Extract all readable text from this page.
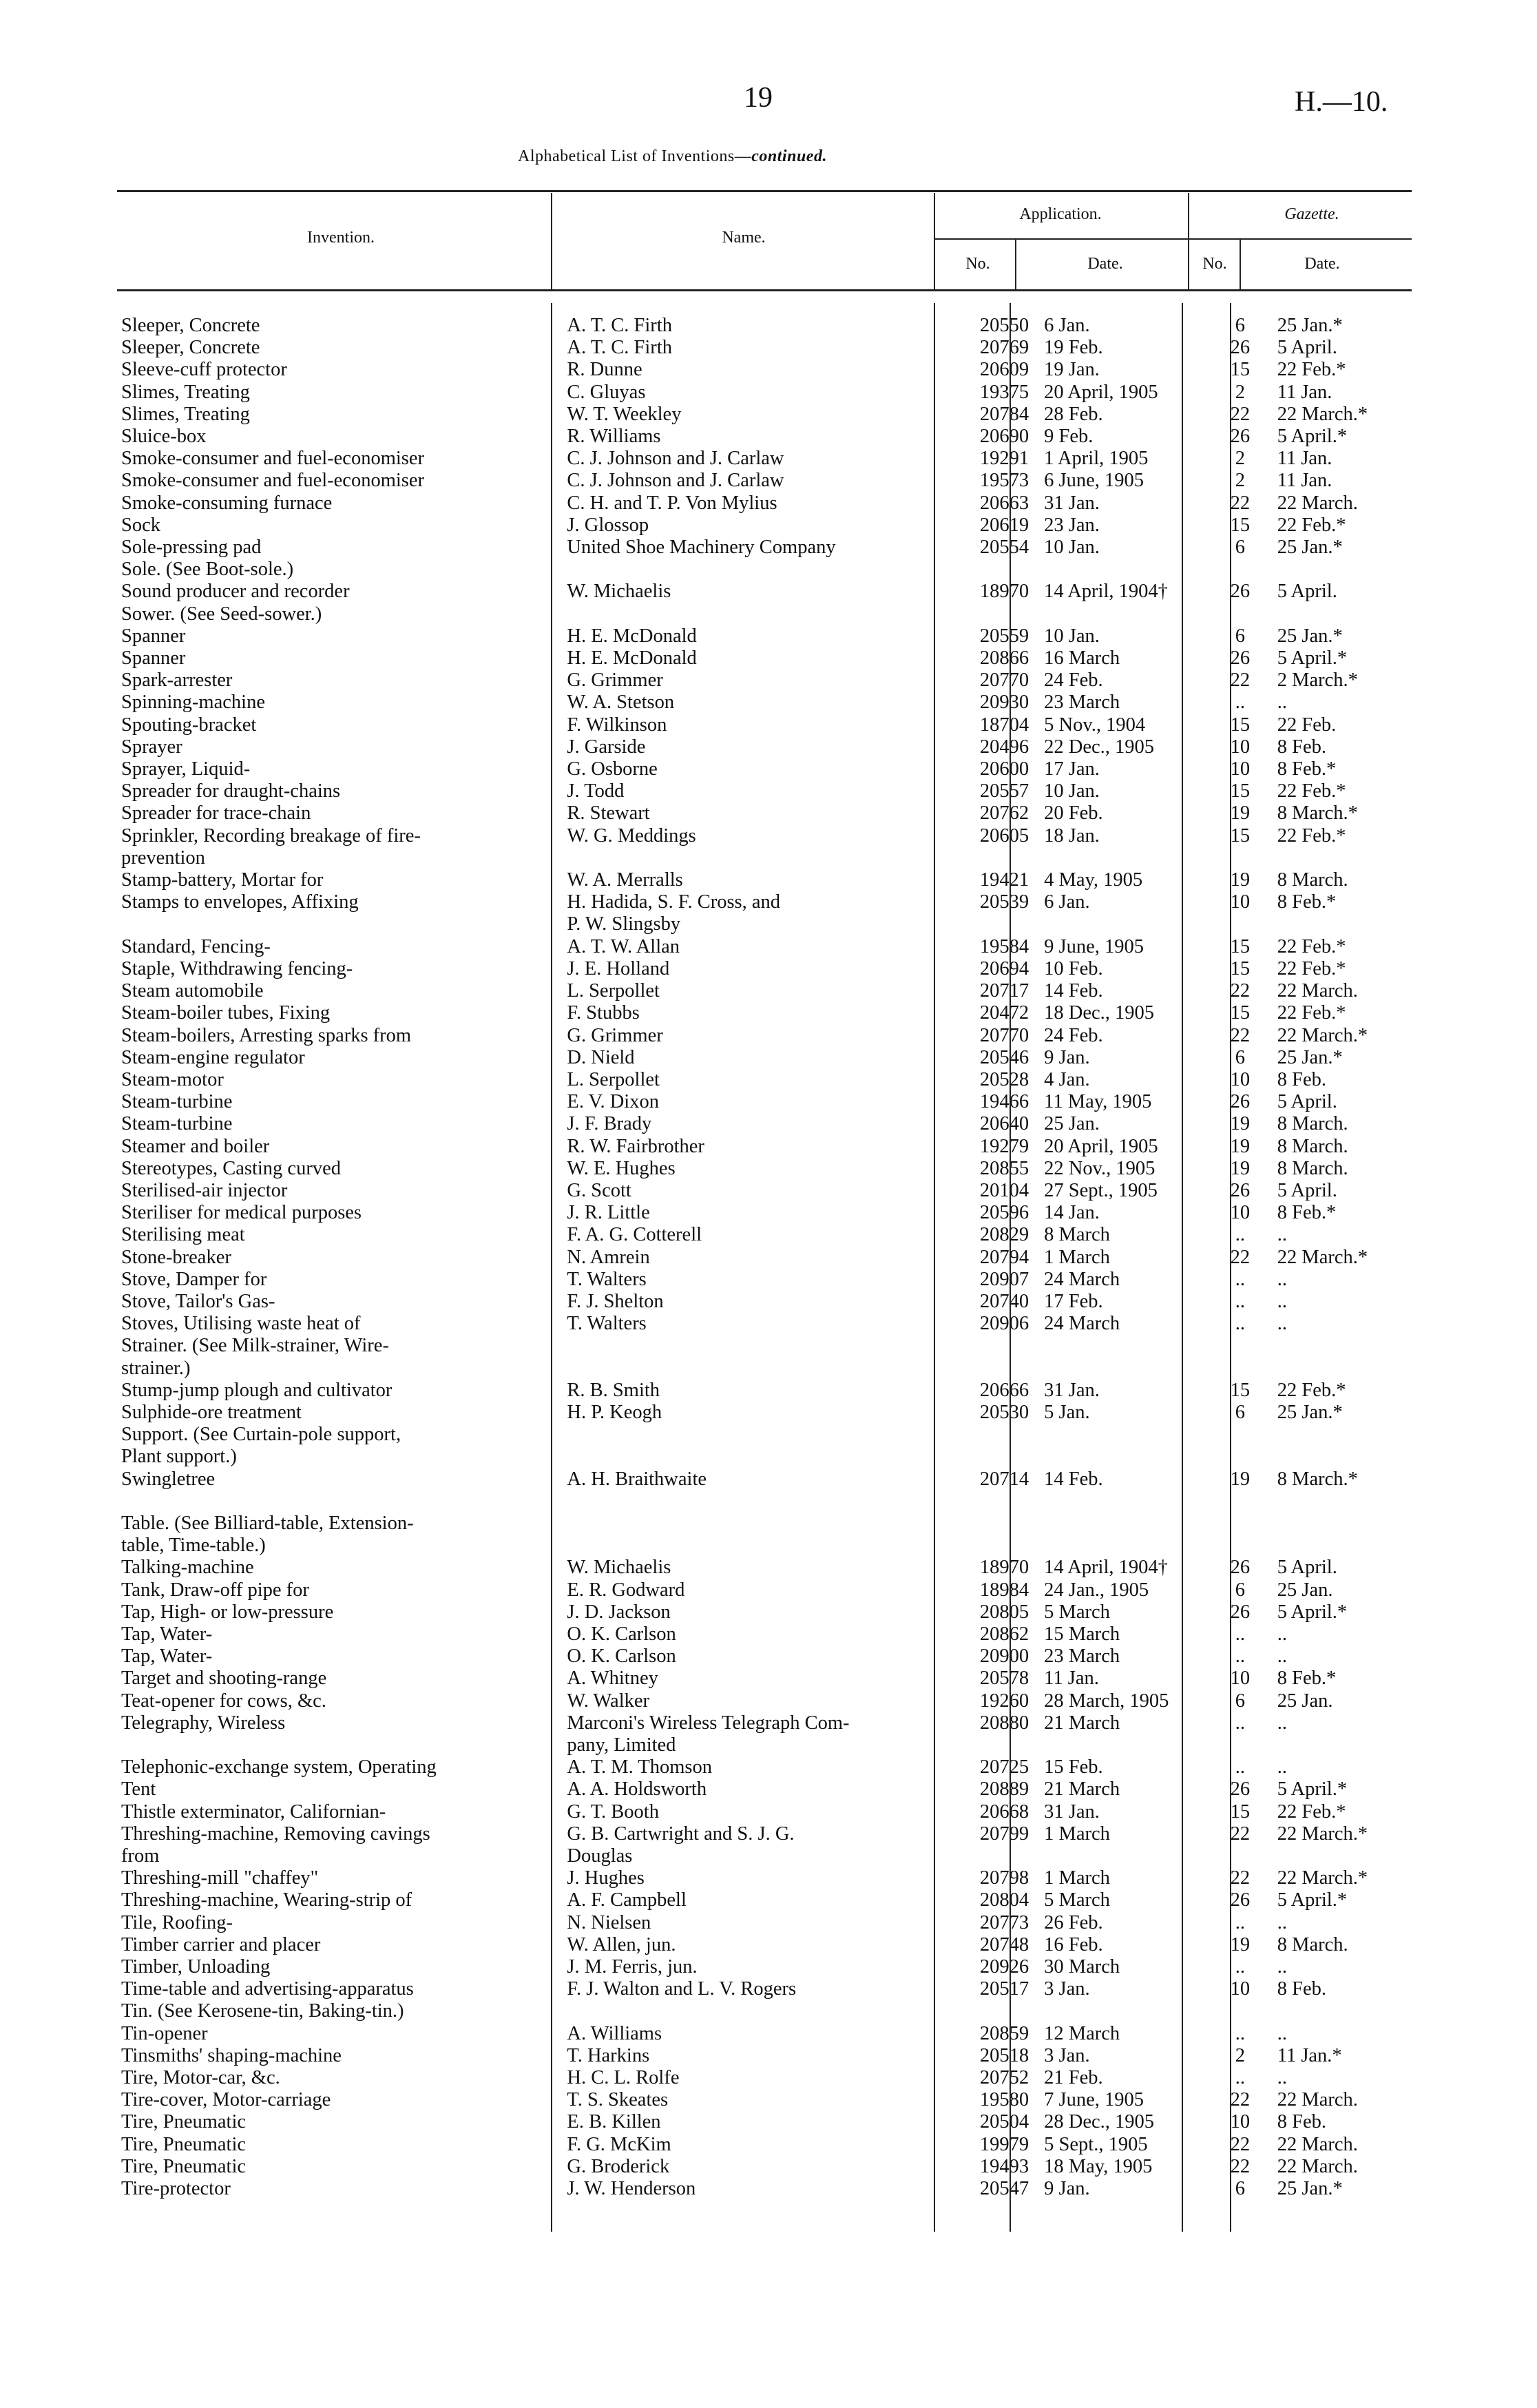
19	H.—10.
Alphabetical List of Inventions—continued.
Invention.	Name.
Application.	Gazette.
No.	Date.	No.	Date.
Sleeper, Concrete	A. T. C. Firth	20550	6 Jan.	6	25 Jan.*
Sleeper, Concrete	A. T. C. Firth	20769	19 Feb.	26	5 April.
Sleeve-cuff protector	R. Dunne	20609	19 Jan.	15	22 Feb.*
Slimes, Treating	C. Gluyas	19375	20 April, 1905	2	11 Jan.
Slimes, Treating	W. T. Weekley	20784	28 Feb.	22	22 March.*
Sluice-box	R. Williams	20690	9 Feb.	26	5 April.*
Smoke-consumer and fuel-economiser	C. J. Johnson and J. Carlaw	19291	1 April, 1905	2	11 Jan.
Smoke-consumer and fuel-economiser	C. J. Johnson and J. Carlaw	19573	6 June, 1905	2	11 Jan.
Smoke-consuming furnace	C. H. and T. P. Von Mylius	20663	31 Jan.	22	22 March.
Sock	J. Glossop	20619	23 Jan.	15	22 Feb.*
Sole-pressing pad	United Shoe Machinery Company	20554	10 Jan.	6	25 Jan.*
Sole. (See Boot-sole.)					
Sound producer and recorder	W. Michaelis	18970	14 April, 1904†	26	5 April.
Sower. (See Seed-sower.)					
Spanner	H. E. McDonald	20559	10 Jan.	6	25 Jan.*
Spanner	H. E. McDonald	20866	16 March	26	5 April.*
Spark-arrester	G. Grimmer	20770	24 Feb.	22	2 March.*
Spinning-machine	W. A. Stetson	20930	23 March	..	..
Spouting-bracket	F. Wilkinson	18704	5 Nov., 1904	15	22 Feb.
Sprayer	J. Garside	20496	22 Dec., 1905	10	8 Feb.
Sprayer, Liquid-	G. Osborne	20600	17 Jan.	10	8 Feb.*
Spreader for draught-chains	J. Todd	20557	10 Jan.	15	22 Feb.*
Spreader for trace-chain	R. Stewart	20762	20 Feb.	19	8 March.*
Sprinkler, Recording breakage of fire-	W. G. Meddings	20605	18 Jan.	15	22 Feb.*
prevention					
Stamp-battery, Mortar for	W. A. Merralls	19421	4 May, 1905	19	8 March.
Stamps to envelopes, Affixing	H. Hadida, S. F. Cross, and	20539	6 Jan.	10	8 Feb.*
	P. W. Slingsby				
Standard, Fencing-	A. T. W. Allan	19584	9 June, 1905	15	22 Feb.*
Staple, Withdrawing fencing-	J. E. Holland	20694	10 Feb.	15	22 Feb.*
Steam automobile	L. Serpollet	20717	14 Feb.	22	22 March.
Steam-boiler tubes, Fixing	F. Stubbs	20472	18 Dec., 1905	15	22 Feb.*
Steam-boilers, Arresting sparks from	G. Grimmer	20770	24 Feb.	22	22 March.*
Steam-engine regulator	D. Nield	20546	9 Jan.	6	25 Jan.*
Steam-motor	L. Serpollet	20528	4 Jan.	10	8 Feb.
Steam-turbine	E. V. Dixon	19466	11 May, 1905	26	5 April.
Steam-turbine	J. F. Brady	20640	25 Jan.	19	8 March.
Steamer and boiler	R. W. Fairbrother	19279	20 April, 1905	19	8 March.
Stereotypes, Casting curved	W. E. Hughes	20855	22 Nov., 1905	19	8 March.
Sterilised-air injector	G. Scott	20104	27 Sept., 1905	26	5 April.
Steriliser for medical purposes	J. R. Little	20596	14 Jan.	10	8 Feb.*
Sterilising meat	F. A. G. Cotterell	20829	8 March	..	..
Stone-breaker	N. Amrein	20794	1 March	22	22 March.*
Stove, Damper for	T. Walters	20907	24 March	..	..
Stove, Tailor's Gas-	F. J. Shelton	20740	17 Feb.	..	..
Stoves, Utilising waste heat of	T. Walters	20906	24 March	..	..
Strainer. (See Milk-strainer, Wire-					
strainer.)					
Stump-jump plough and cultivator	R. B. Smith	20666	31 Jan.	15	22 Feb.*
Sulphide-ore treatment	H. P. Keogh	20530	5 Jan.	6	25 Jan.*
Support. (See Curtain-pole support,					
Plant support.)					
Swingletree	A. H. Braithwaite	20714	14 Feb.	19	8 March.*

Table. (See Billiard-table, Extension-					
table, Time-table.)					
Talking-machine	W. Michaelis	18970	14 April, 1904†	26	5 April.
Tank, Draw-off pipe for	E. R. Godward	18984	24 Jan., 1905	6	25 Jan.
Tap, High- or low-pressure	J. D. Jackson	20805	5 March	26	5 April.*
Tap, Water-	O. K. Carlson	20862	15 March	..	..
Tap, Water-	O. K. Carlson	20900	23 March	..	..
Target and shooting-range	A. Whitney	20578	11 Jan.	10	8 Feb.*
Teat-opener for cows, &c.	W. Walker	19260	28 March, 1905	6	25 Jan.
Telegraphy, Wireless	Marconi's Wireless Telegraph Com-	20880	21 March	..	..
	pany, Limited				
Telephonic-exchange system, Operating	A. T. M. Thomson	20725	15 Feb.	..	..
Tent	A. A. Holdsworth	20889	21 March	26	5 April.*
Thistle exterminator, Californian-	G. T. Booth	20668	31 Jan.	15	22 Feb.*
Threshing-machine, Removing cavings	G. B. Cartwright and S. J. G.	20799	1 March	22	22 March.*
from	Douglas				
Threshing-mill "chaffey"	J. Hughes	20798	1 March	22	22 March.*
Threshing-machine, Wearing-strip of	A. F. Campbell	20804	5 March	26	5 April.*
Tile, Roofing-	N. Nielsen	20773	26 Feb.	..	..
Timber carrier and placer	W. Allen, jun.	20748	16 Feb.	19	8 March.
Timber, Unloading	J. M. Ferris, jun.	20926	30 March	..	..
Time-table and advertising-apparatus	F. J. Walton and L. V. Rogers	20517	3 Jan.	10	8 Feb.
Tin. (See Kerosene-tin, Baking-tin.)					
Tin-opener	A. Williams	20859	12 March	..	..
Tinsmiths' shaping-machine	T. Harkins	20518	3 Jan.	2	11 Jan.*
Tire, Motor-car, &c.	H. C. L. Rolfe	20752	21 Feb.	..	..
Tire-cover, Motor-carriage	T. S. Skeates	19580	7 June, 1905	22	22 March.
Tire, Pneumatic	E. B. Killen	20504	28 Dec., 1905	10	8 Feb.
Tire, Pneumatic	F. G. McKim	19979	5 Sept., 1905	22	22 March.
Tire, Pneumatic	G. Broderick	19493	18 May, 1905	22	22 March.
Tire-protector	J. W. Henderson	20547	9 Jan.	6	25 Jan.*
